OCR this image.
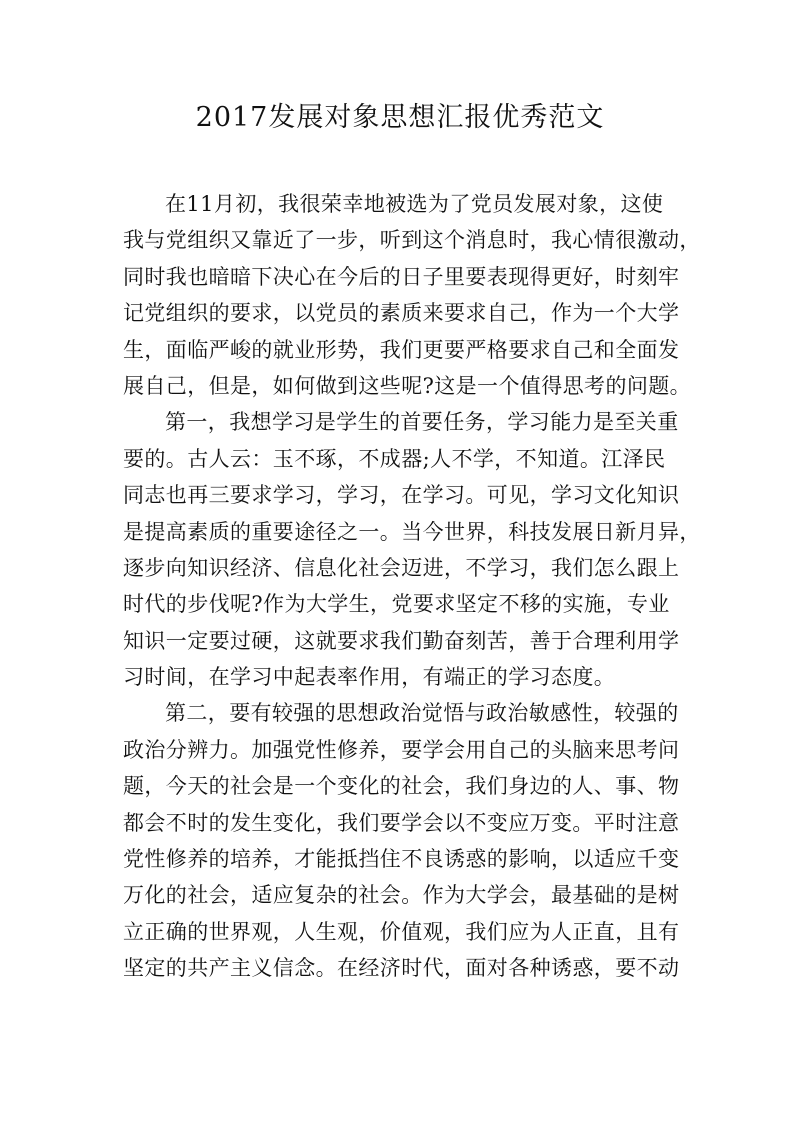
2017发展对象思想汇报优秀范文

在11月初，我很荣幸地被选为了党员发展对象，这使
我与党组织又靠近了一步，听到这个消息时，我心情很激动，
同时我也暗暗下决心在今后的日子里要表现得更好，时刻牢
记党组织的要求，以党员的素质来要求自己，作为一个大学
生，面临严峻的就业形势，我们更要严格要求自己和全面发
展自己，但是，如何做到这些呢?这是一个值得思考的问题。

第一，我想学习是学生的首要任务，学习能力是至关重
要的。古人云：玉不琢，不成器;人不学，不知道。江泽民
同志也再三要求学习，学习，在学习。可见，学习文化知识
是提高素质的重要途径之一。当今世界，科技发展日新月异，
逐步向知识经济、信息化社会迈进，不学习，我们怎么跟上
时代的步伐呢?作为大学生，党要求坚定不移的实施，专业
知识一定要过硬，这就要求我们勤奋刻苦，善于合理利用学
习时间，在学习中起表率作用，有端正的学习态度。

第二，要有较强的思想政治觉悟与政治敏感性，较强的
政治分辨力。加强党性修养，要学会用自己的头脑来思考问
题，今天的社会是一个变化的社会，我们身边的人、事、物
都会不时的发生变化，我们要学会以不变应万变。平时注意
党性修养的培养，才能抵挡住不良诱惑的影响，以适应千变
万化的社会，适应复杂的社会。作为大学会，最基础的是树
立正确的世界观，人生观，价值观，我们应为人正直，且有
坚定的共产主义信念。在经济时代，面对各种诱惑，要不动
